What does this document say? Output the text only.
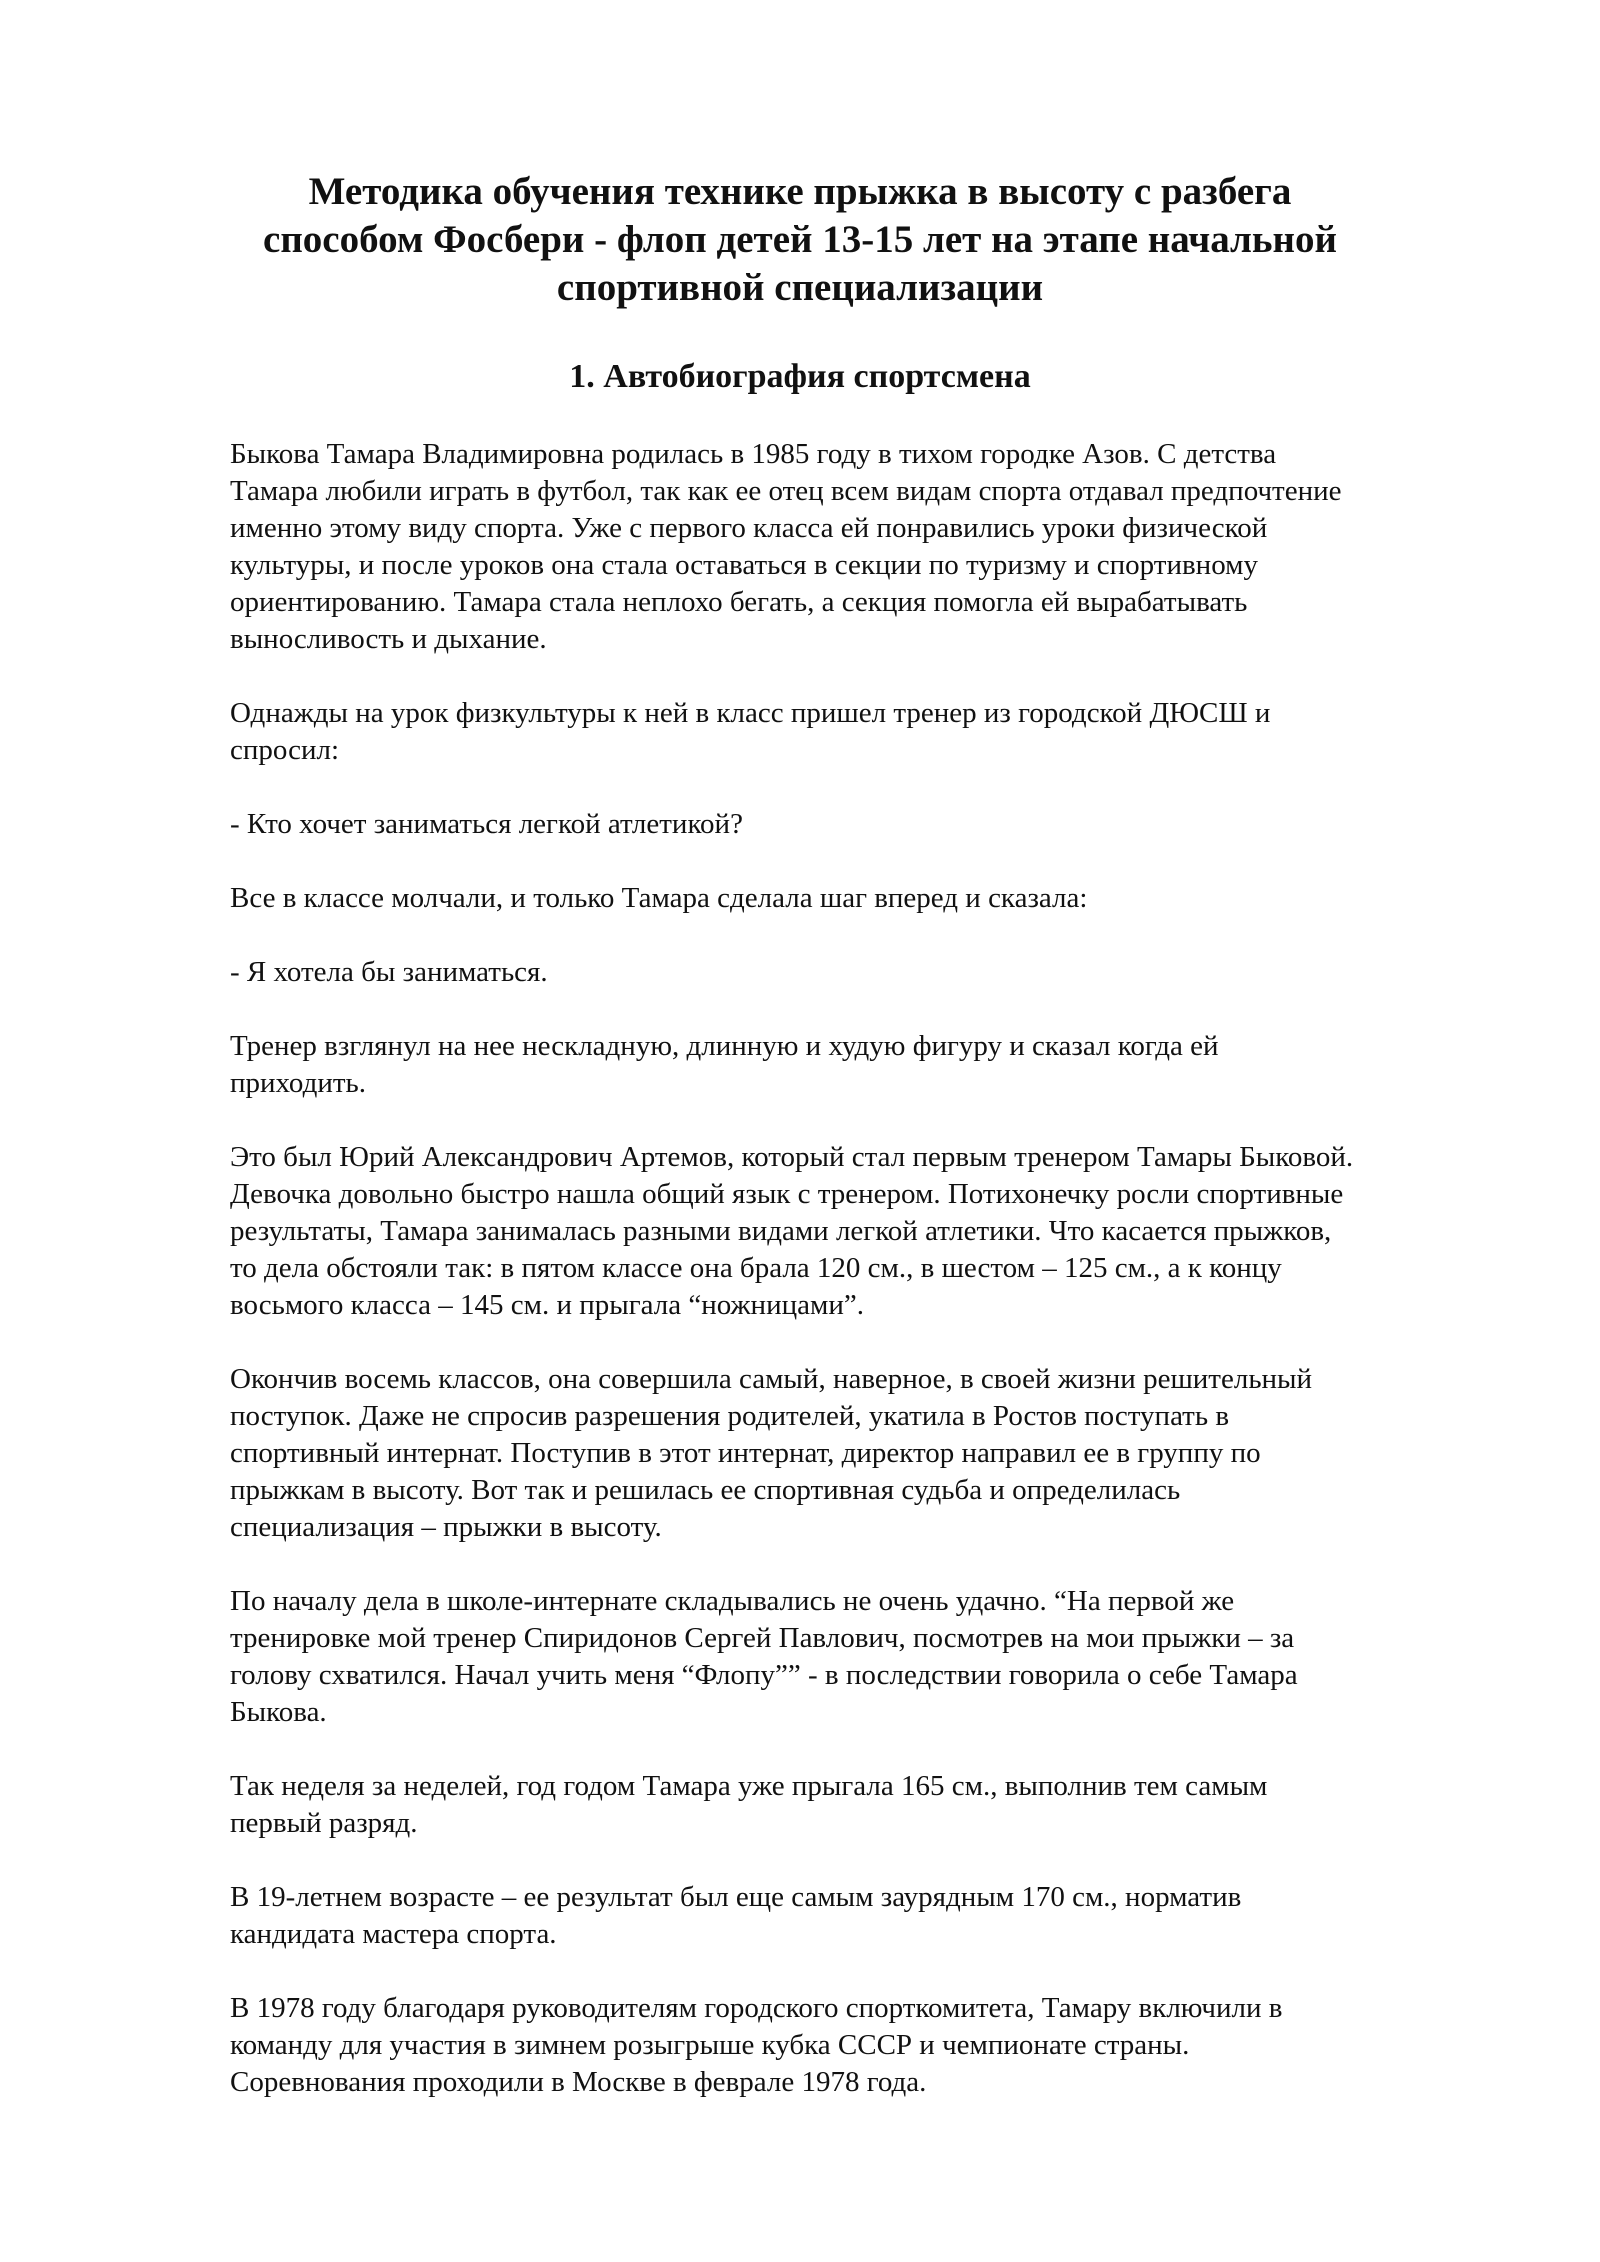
Методика обучения технике прыжка в высоту с разбега
способом Фосбери - флоп детей 13-15 лет на этапе начальной
спортивной специализации
1. Автобиография спортсмена

Быкова Тамара Владимировна родилась в 1985 году в тихом городке Азов. С детства
Тамара любили играть в футбол, так как ее отец всем видам спорта отдавал предпочтение
именно этому виду спорта. Уже с первого класса ей понравились уроки физической
культуры, и после уроков она стала оставаться в секции по туризму и спортивному
ориентированию. Тамара стала неплохо бегать, а секция помогла ей вырабатывать
выносливость и дыхание.

Однажды на урок физкультуры к ней в класс пришел тренер из городской ДЮСШ и
спросил:

- Кто хочет заниматься легкой атлетикой?

Все в классе молчали, и только Тамара сделала шаг вперед и сказала:

- Я хотела бы заниматься.

Тренер взглянул на нее нескладную, длинную и худую фигуру и сказал когда ей
приходить.

Это был Юрий Александрович Артемов, который стал первым тренером Тамары Быковой.
Девочка довольно быстро нашла общий язык с тренером. Потихонечку росли спортивные
результаты, Тамара занималась разными видами легкой атлетики. Что касается прыжков,
то дела обстояли так: в пятом классе она брала 120 см., в шестом – 125 см., а к концу
восьмого класса – 145 см. и прыгала “ножницами”.

Окончив восемь классов, она совершила самый, наверное, в своей жизни решительный
поступок. Даже не спросив разрешения родителей, укатила в Ростов поступать в
спортивный интернат. Поступив в этот интернат, директор направил ее в группу по
прыжкам в высоту. Вот так и решилась ее спортивная судьба и определилась
специализация – прыжки в высоту.

По началу дела в школе-интернате складывались не очень удачно. “На первой же
тренировке мой тренер Спиридонов Сергей Павлович, посмотрев на мои прыжки – за
голову схватился. Начал учить меня “Флопу”” - в последствии говорила о себе Тамара
Быкова.

Так неделя за неделей, год годом Тамара уже прыгала 165 см., выполнив тем самым
первый разряд.

В 19-летнем возрасте – ее результат был еще самым заурядным 170 см., норматив
кандидата мастера спорта.

В 1978 году благодаря руководителям городского спорткомитета, Тамару включили в
команду для участия в зимнем розыгрыше кубка СССР и чемпионате страны.
Соревнования проходили в Москве в феврале 1978 года.
